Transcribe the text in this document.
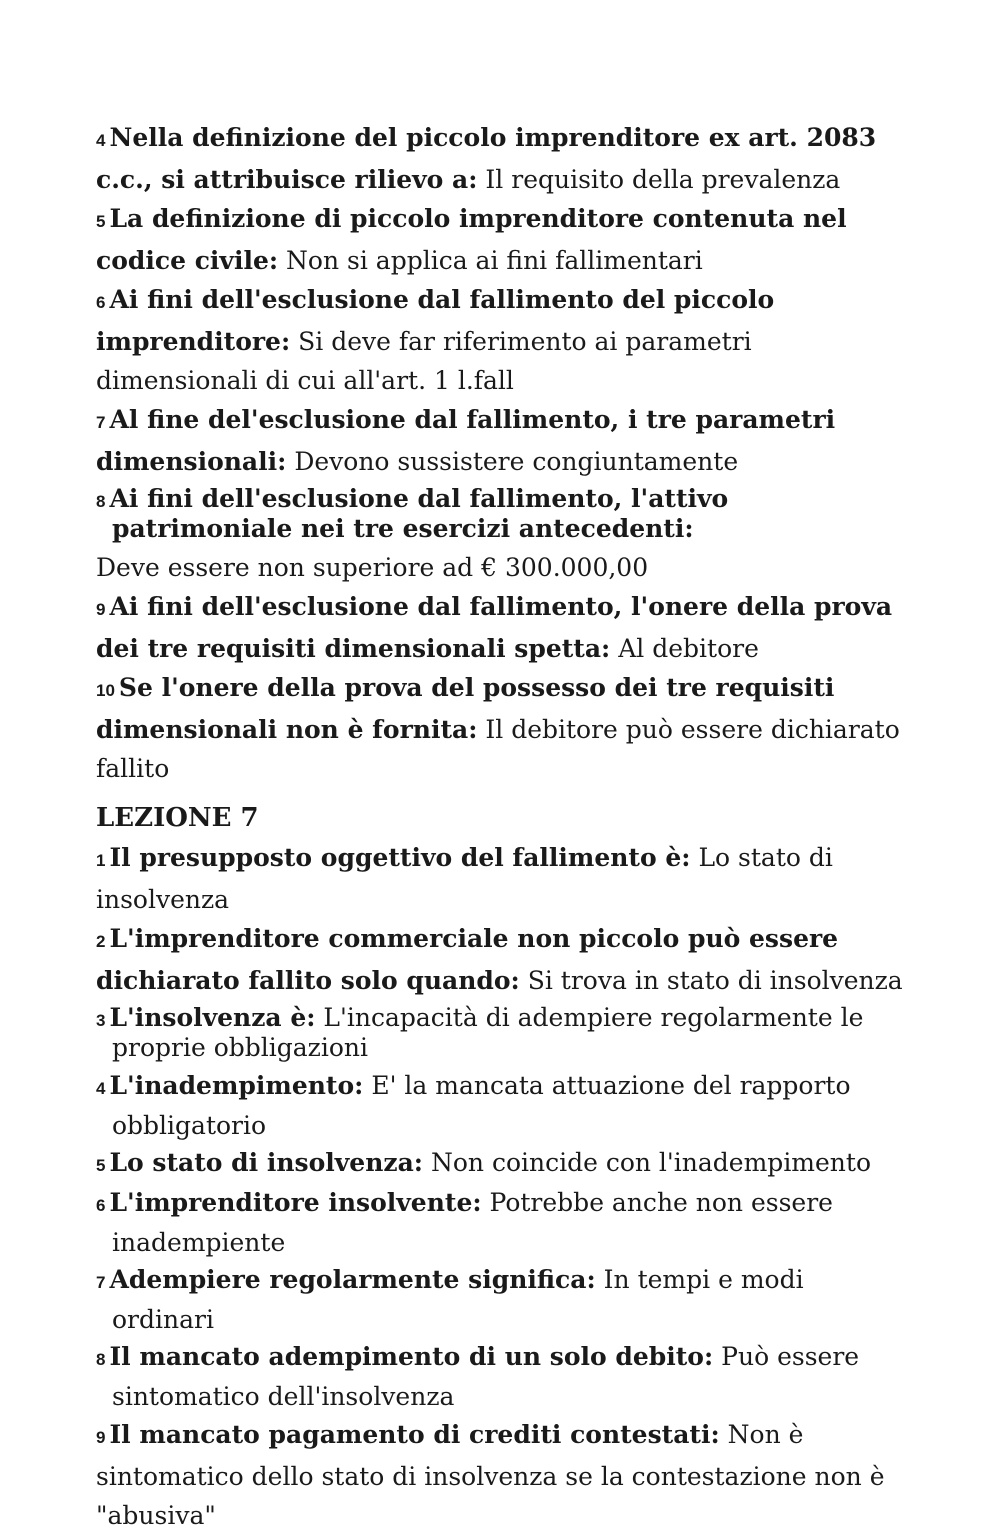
4 Nella definizione del piccolo imprenditore ex art. 2083 c.c., si attribuisce rilievo a: Il requisito della prevalenza

5 La definizione di piccolo imprenditore contenuta nel codice civile: Non si applica ai fini fallimentari

6 Ai fini dell'esclusione dal fallimento del piccolo imprenditore: Si deve far riferimento ai parametri dimensionali di cui all'art. 1 l.fall

7 Al fine del'esclusione dal fallimento, i tre parametri dimensionali: Devono sussistere congiuntamente

8 Ai fini dell'esclusione dal fallimento, l'attivo patrimoniale nei tre esercizi antecedenti:

Deve essere non superiore ad € 300.000,00

9 Ai fini dell'esclusione dal fallimento, l'onere della prova dei tre requisiti dimensionali spetta: Al debitore

10 Se l'onere della prova del possesso dei tre requisiti dimensionali non è fornita: Il debitore può essere dichiarato fallito

LEZIONE 7

1 Il presupposto oggettivo del fallimento è: Lo stato di insolvenza

2 L'imprenditore commerciale non piccolo può essere dichiarato fallito solo quando: Si trova in stato di insolvenza

3 L'insolvenza è: L'incapacità di adempiere regolarmente le proprie obbligazioni

4 L'inadempimento: E' la mancata attuazione del rapporto obbligatorio

5 Lo stato di insolvenza: Non coincide con l'inadempimento

6 L'imprenditore insolvente: Potrebbe anche non essere inadempiente

7 Adempiere regolarmente significa: In tempi e modi ordinari

8 Il mancato adempimento di un solo debito: Può essere sintomatico dell'insolvenza

9 Il mancato pagamento di crediti contestati: Non è sintomatico dello stato di insolvenza se la contestazione non è "abusiva"
